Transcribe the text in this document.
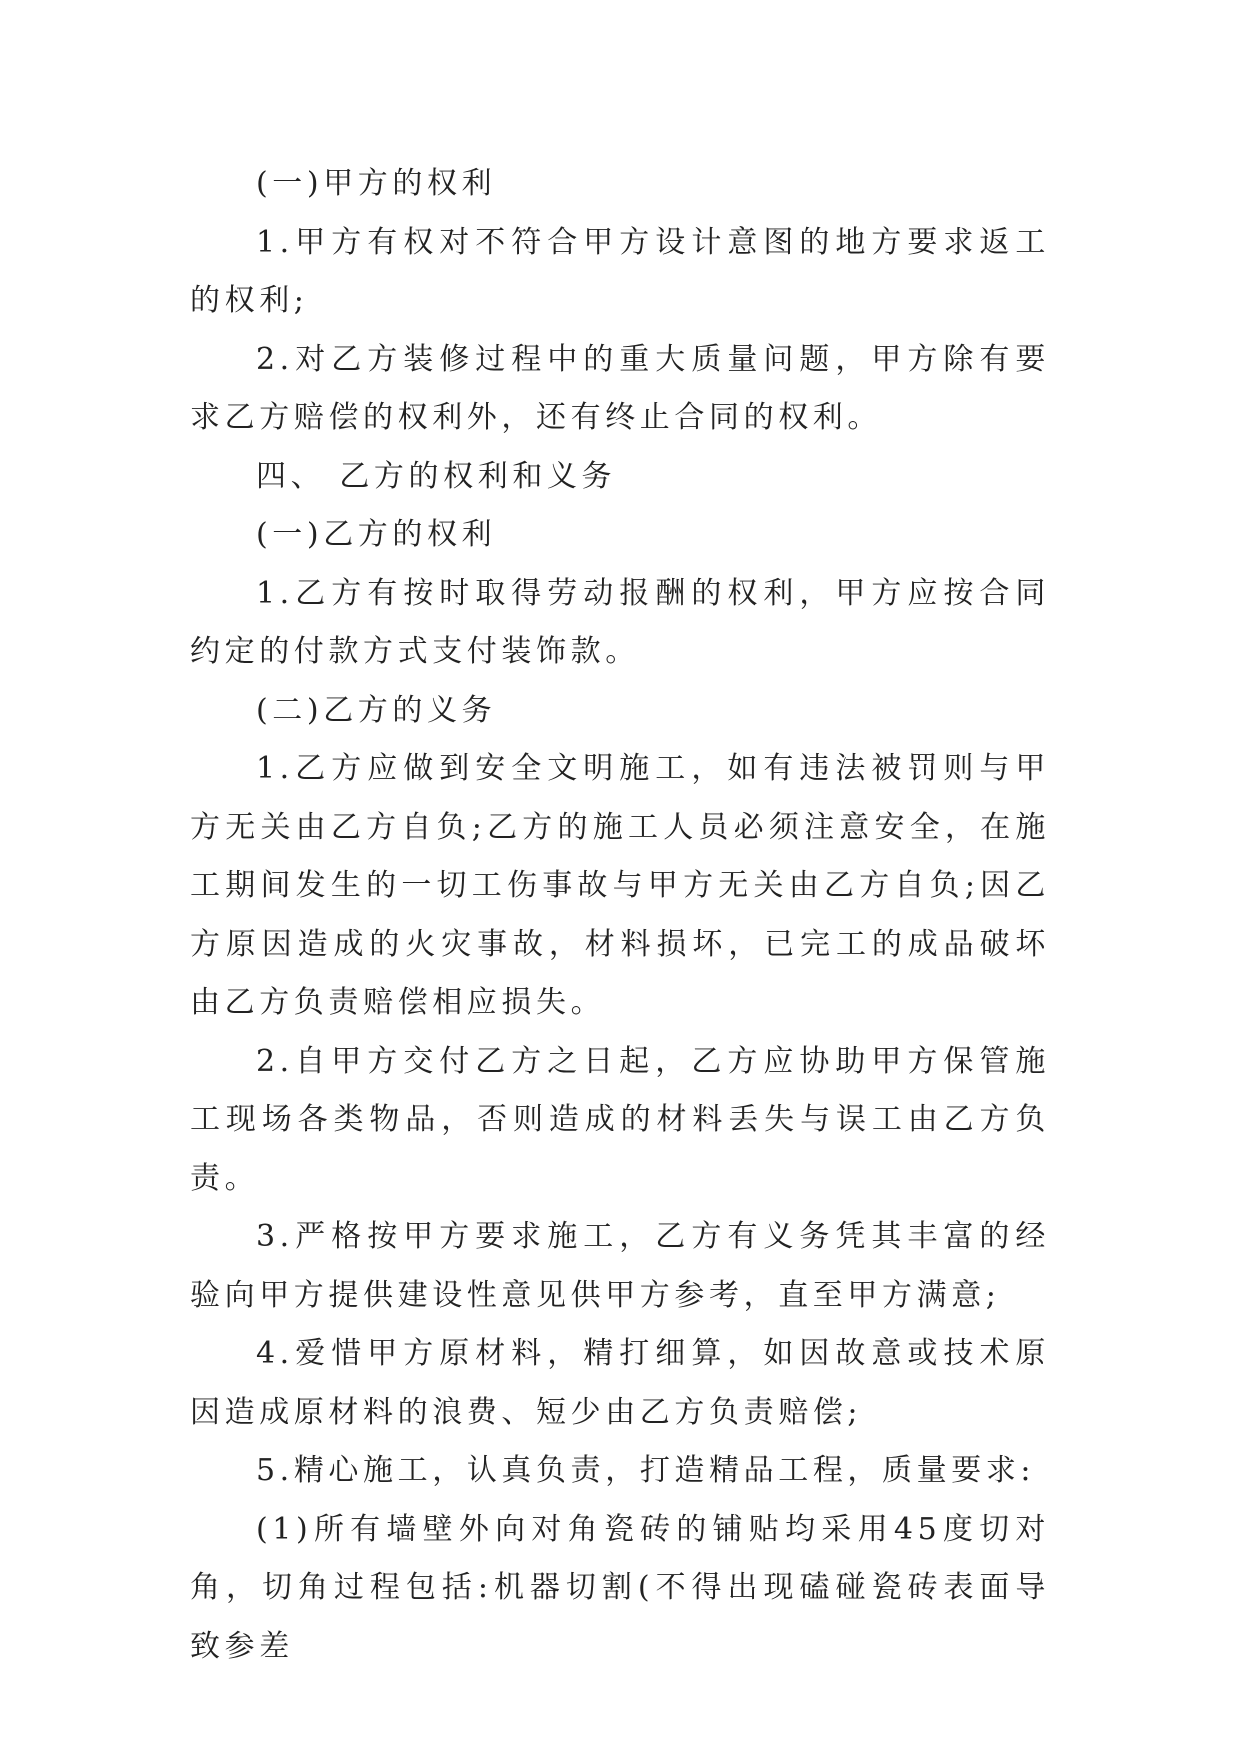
(一)甲方的权利

1.甲方有权对不符合甲方设计意图的地方要求返工的权利;

2.对乙方装修过程中的重大质量问题，甲方除有要求乙方赔偿的权利外，还有终止合同的权利。

四、 乙方的权利和义务

(一)乙方的权利

1.乙方有按时取得劳动报酬的权利，甲方应按合同约定的付款方式支付装饰款。

(二)乙方的义务

1.乙方应做到安全文明施工，如有违法被罚则与甲方无关由乙方自负;乙方的施工人员必须注意安全，在施工期间发生的一切工伤事故与甲方无关由乙方自负;因乙方原因造成的火灾事故，材料损坏，已完工的成品破坏由乙方负责赔偿相应损失。

2.自甲方交付乙方之日起，乙方应协助甲方保管施工现场各类物品，否则造成的材料丢失与误工由乙方负责。

3.严格按甲方要求施工，乙方有义务凭其丰富的经验向甲方提供建设性意见供甲方参考，直至甲方满意;

4.爱惜甲方原材料，精打细算，如因故意或技术原因造成原材料的浪费、短少由乙方负责赔偿;

5.精心施工，认真负责，打造精品工程，质量要求:

(1)所有墙壁外向对角瓷砖的铺贴均采用45度切对角，切角过程包括:机器切割(不得出现磕碰瓷砖表面导致参差
